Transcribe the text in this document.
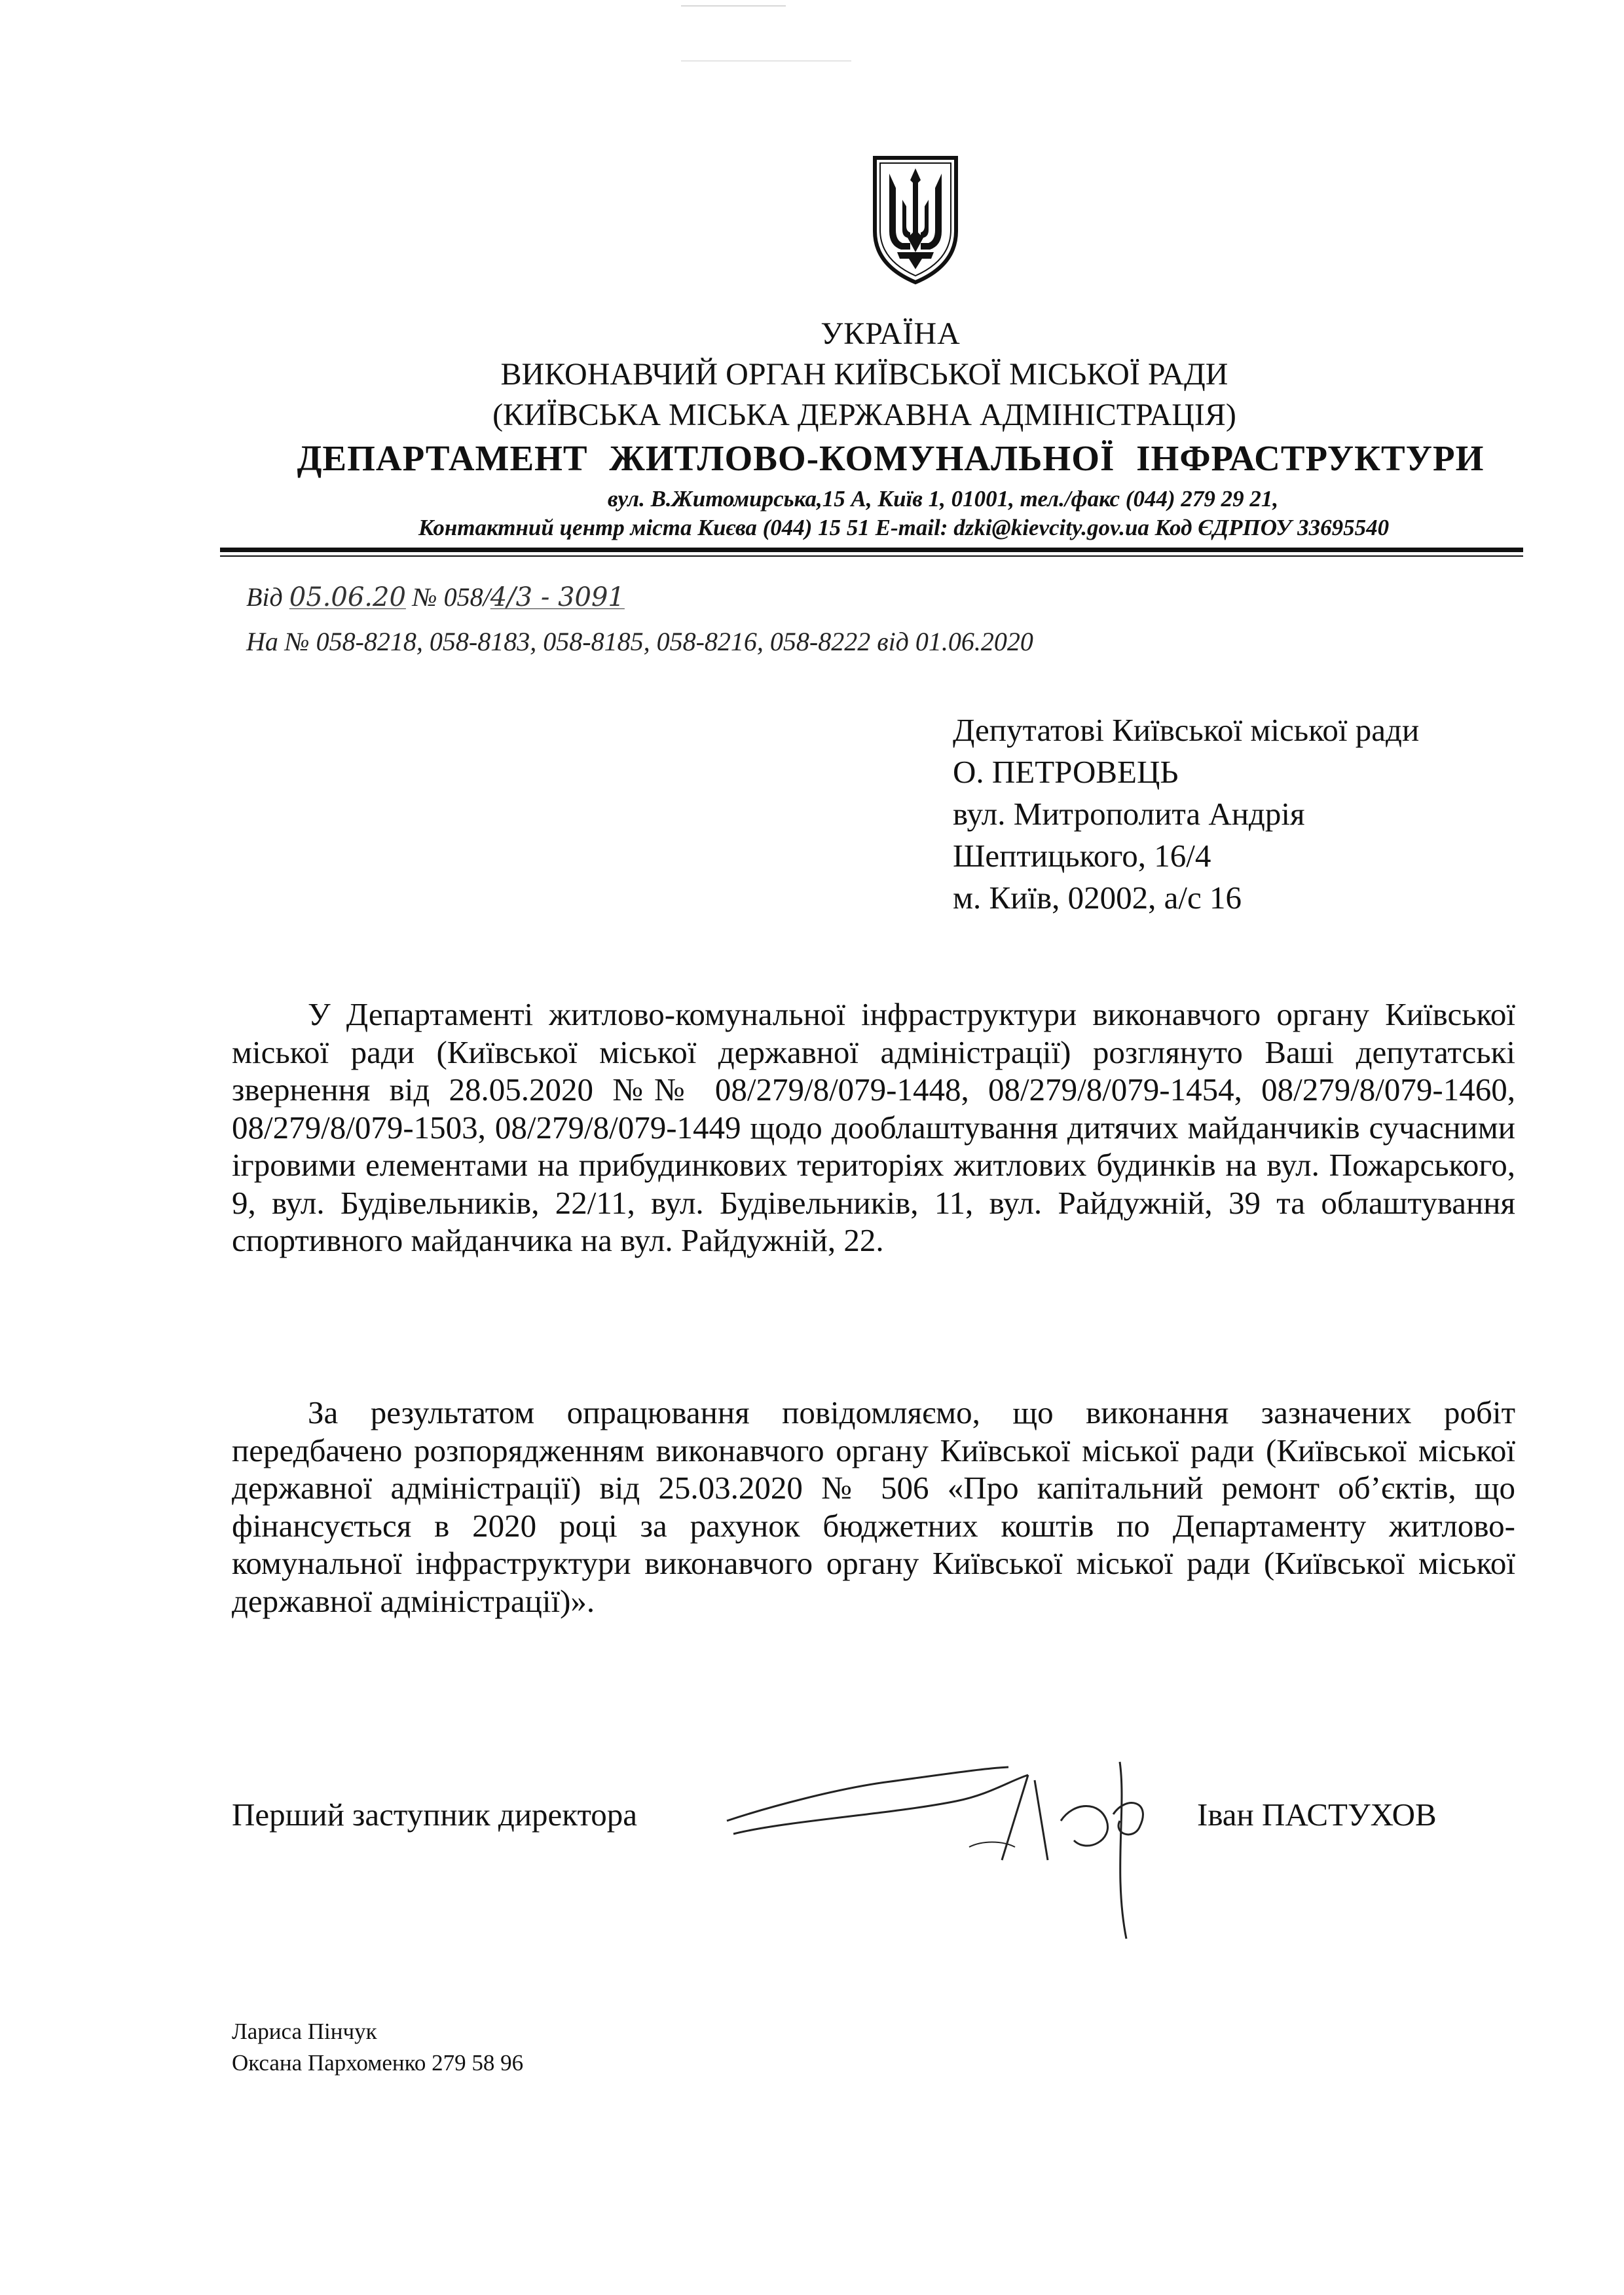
УКРАЇНА
ВИКОНАВЧИЙ ОРГАН КИЇВСЬКОЇ МІСЬКОЇ РАДИ
(КИЇВСЬКА МІСЬКА ДЕРЖАВНА АДМІНІСТРАЦІЯ)
ДЕПАРТАМЕНТ ЖИТЛОВО-КОМУНАЛЬНОЇ ІНФРАСТРУКТУРИ
вул. В.Житомирська,15 А, Київ 1, 01001, тел./факс (044) 279 29 21,
Контактний центр міста Києва (044) 15 51 E-mail: dzki@kievcity.gov.ua Код ЄДРПОУ 33695540
Від 05.06.20 № 058/4/3 - 3091
На № 058-8218, 058-8183, 058-8185, 058-8216, 058-8222 від 01.06.2020
Депутатові Київської міської ради
О. ПЕТРОВЕЦЬ
вул. Митрополита Андрія
Шептицького, 16/4
м. Київ, 02002, а/с 16
У Департаменті житлово-комунальної інфраструктури виконавчого органу Київської міської ради (Київської міської державної адміністрації) розглянуто Ваші депутатські звернення від 28.05.2020 №№ 08/279/8/079-1448, 08/279/8/079-1454, 08/279/8/079-1460, 08/279/8/079-1503, 08/279/8/079-1449 щодо дооблаштування дитячих майданчиків сучасними ігровими елементами на прибудинкових територіях житлових будинків на вул. Пожарського, 9, вул. Будівельників, 22/11, вул. Будівельників, 11, вул. Райдужній, 39 та облаштування спортивного майданчика на вул. Райдужній, 22.
За результатом опрацювання повідомляємо, що виконання зазначених робіт передбачено розпорядженням виконавчого органу Київської міської ради (Київської міської державної адміністрації) від 25.03.2020 № 506 «Про капітальний ремонт об’єктів, що фінансується в 2020 році за рахунок бюджетних коштів по Департаменту житлово-комунальної інфраструктури виконавчого органу Київської міської ради (Київської міської державної адміністрації)».
Перший заступник директора	Іван ПАСТУХОВ
Лариса Пінчук
Оксана Пархоменко 279 58 96
